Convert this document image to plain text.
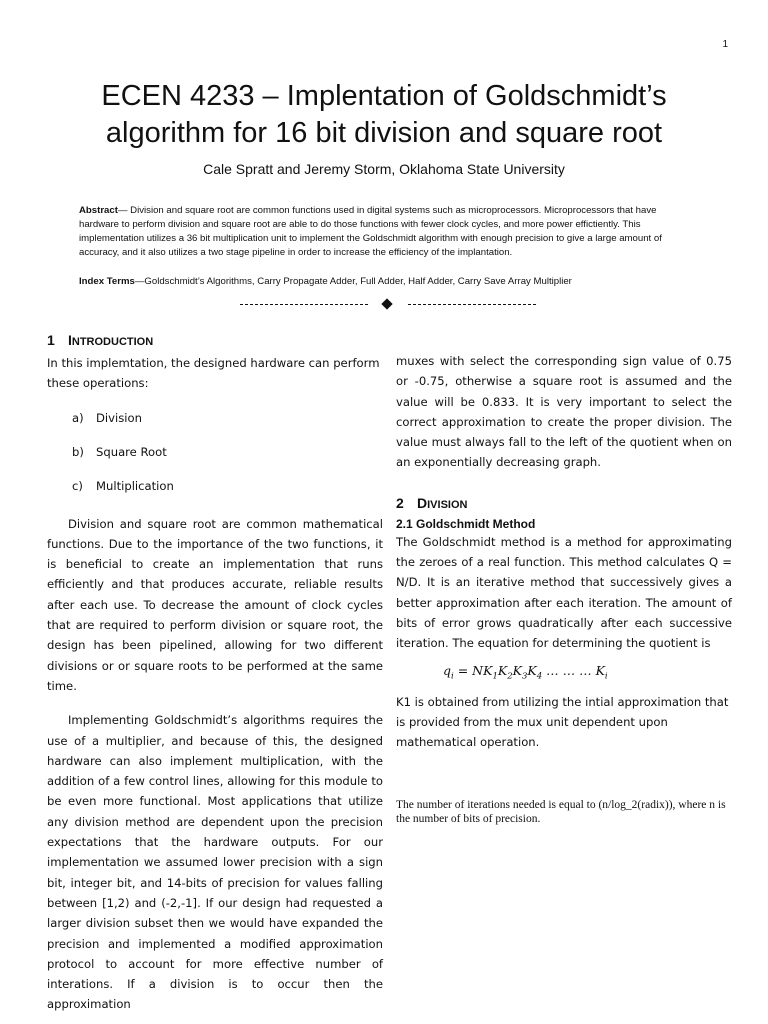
1
ECEN 4233 – Implentation of Goldschmidt’s
algorithm for 16 bit division and square root
Cale Spratt and Jeremy Storm, Oklahoma State University
Abstract— Division and square root are common functions used in digital systems such as microprocessors. Microprocessors that have hardware to perform division and square root are able to do those functions with fewer clock cycles, and more power effictiently. This implementation utilizes a 36 bit multiplication unit to implement the Goldschmidt algorithm with enough precision to give a large amount of accuracy, and it also utilizes a two stage pipeline in order to increase the efficiency of the implantation.
Index Terms—Goldschmidt’s Algorithms, Carry Propagate Adder, Full Adder, Half Adder, Carry Save Array Multiplier
1 INTRODUCTION

In this implemtation, the designed hardware can perform these operations:

a) Division
b) Square Root
c) Multiplication

Division and square root are common mathematical functions. Due to the importance of the two functions, it is beneficial to create an implementation that runs efficiently and that produces accurate, reliable results after each use. To decrease the amount of clock cycles that are required to perform division or square root, the design has been pipelined, allowing for two different divisions or or square roots to be performed at the same time.

Implementing Goldschmidt’s algorithms requires the use of a multiplier, and because of this, the designed hardware can also implement multiplication, with the addition of a few control lines, allowing for this module to be even more functional. Most applications that utilize any division method are dependent upon the precision expectations that the hardware outputs. For our implementation we assumed lower precision with a sign bit, integer bit, and 14-bits of precision for values falling between [1,2) and (-2,-1]. If our design had requested a larger division subset then we would have expanded the precision and implemented a modified approximation protocol to account for more effective number of interations. If a division is to occur then the approximation

muxes with select the corresponding sign value of 0.75 or -0.75, otherwise a square root is assumed and the value will be 0.833. It is very important to select the correct approximation to create the proper division. The value must always fall to the left of the quotient when on an exponentially decreasing graph.

2 DIVISION
2.1 Goldschmidt Method

The Goldschmidt method is a method for approximating the zeroes of a real function. This method calculates Q = N/D. It is an iterative method that successively gives a better approximation after each iteration. The amount of bits of error grows quadratically after each successive iteration. The equation for determining the quotient is

$q_i = NK_1K_2K_3K_4$ … … … $K_i$

K1 is obtained from utilizing the intial approximation that is provided from the mux unit dependent upon mathematical operation.

The number of iterations needed is equal to (n/log_2(radix)), where n is the number of bits of precision.
